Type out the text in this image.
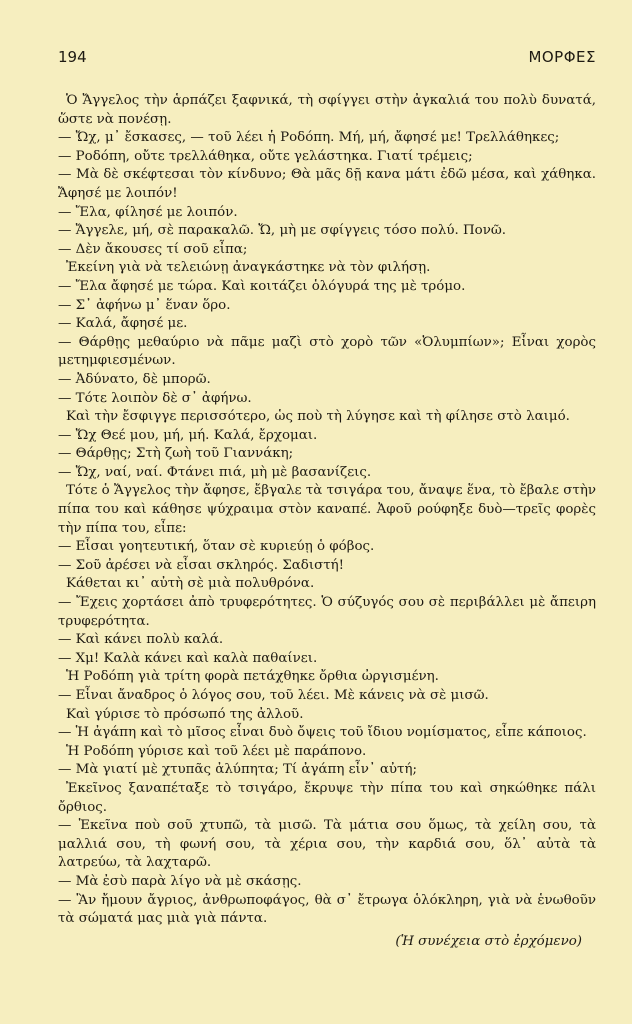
194	ΜΟΡΦΕΣ

Ὁ Ἄγγελος τὴν ἁρπάζει ξαφνικά, τὴ σφίγγει στὴν ἀγκαλιά του πολὺ δυνατά, ὥστε νὰ πονέσῃ.

— Ὤχ, μ᾽ ἔσκασες, — τοῦ λέει ἡ Ροδόπη. Μή, μή, ἄφησέ με! Τρελλάθηκες;

— Ροδόπη, οὔτε τρελλάθηκα, οὔτε γελάστηκα. Γιατί τρέμεις;

— Μὰ δὲ σκέφτεσαι τὸν κίνδυνο; Θὰ μᾶς δῇ κανα μάτι ἐδῶ μέσα, καὶ χάθηκα. Ἄφησέ με λοιπόν!

— Ἔλα, φίλησέ με λοιπόν.

— Ἄγγελε, μή, σὲ παρακαλῶ. Ὤ, μὴ με σφίγγεις τόσο πολύ. Πονῶ.

— Δὲν ἄκουσες τί σοῦ εἶπα;

Ἐκείνη γιὰ νὰ τελειώνῃ ἀναγκάστηκε νὰ τὸν φιλήσῃ.

— Ἔλα ἄφησέ με τώρα. Καὶ κοιτάζει ὁλόγυρά της μὲ τρόμο.

— Σ᾽ ἀφήνω μ᾽ ἕναν ὅρο.

— Καλά, ἄφησέ με.

— Θάρθῃς μεθαύριο νὰ πᾶμε μαζὶ στὸ χορὸ τῶν «Ὀλυμπίων»; Εἶναι χορὸς μετημφιεσμένων.

— Ἀδύνατο, δὲ μπορῶ.

— Τότε λοιπὸν δὲ σ᾽ ἀφήνω.

Καὶ τὴν ἔσφιγγε περισσότερο, ὡς ποὺ τὴ λύγησε καὶ τὴ φίλησε στὸ λαιμό.

— Ὤχ Θεέ μου, μή, μή. Καλά, ἔρχομαι.

— Θάρθῃς; Στὴ ζωὴ τοῦ Γιαννάκη;

— Ὤχ, ναί, ναί. Φτάνει πιά, μὴ μὲ βασανίζεις.

Τότε ὁ Ἄγγελος τὴν ἄφησε, ἔβγαλε τὰ τσιγάρα του, ἄναψε ἕνα, τὸ ἔβαλε στὴν πίπα του καὶ κάθησε ψύχραιμα στὸν καναπέ. Ἀφοῦ ρούφηξε δυὸ—τρεῖς φορὲς τὴν πίπα του, εἶπε:

— Εἶσαι γοητευτική, ὅταν σὲ κυριεύῃ ὁ φόβος.

— Σοῦ ἀρέσει νὰ εἶσαι σκληρός. Σαδιστή!

Κάθεται κι᾽ αὐτὴ σὲ μιὰ πολυθρόνα.

— Ἔχεις χορτάσει ἀπὸ τρυφερότητες. Ὁ σύζυγός σου σὲ περιβάλλει μὲ ἄπειρη τρυφερότητα.

— Καὶ κάνει πολὺ καλά.

— Χμ! Καλὰ κάνει καὶ καλὰ παθαίνει.

Ἡ Ροδόπη γιὰ τρίτη φορὰ πετάχθηκε ὄρθια ὠργισμένη.

— Εἶναι ἄναδρος ὁ λόγος σου, τοῦ λέει. Μὲ κάνεις νὰ σὲ μισῶ.

Καὶ γύρισε τὸ πρόσωπό της ἀλλοῦ.

— Ἡ ἀγάπη καὶ τὸ μῖσος εἶναι δυὸ ὄψεις τοῦ ἴδιου νομίσματος, εἶπε κάποιος.

Ἡ Ροδόπη γύρισε καὶ τοῦ λέει μὲ παράπονο.

— Μὰ γιατί μὲ χτυπᾶς ἀλύπητα; Τί ἀγάπη εἶν᾽ αὐτή;

Ἐκεῖνος ξαναπέταξε τὸ τσιγάρο, ἔκρυψε τὴν πίπα του καὶ σηκώθηκε πάλι ὄρθιος.

— Ἐκεῖνα ποὺ σοῦ χτυπῶ, τὰ μισῶ. Τὰ μάτια σου ὅμως, τὰ χείλη σου, τὰ μαλλιά σου, τὴ φωνή σου, τὰ χέρια σου, τὴν καρδιά σου, ὅλ᾽ αὐτὰ τὰ λατρεύω, τὰ λαχταρῶ.

— Μὰ ἐσὺ παρὰ λίγο νὰ μὲ σκάσῃς.

— Ἂν ἤμουν ἄγριος, ἀνθρωποφάγος, θὰ σ᾽ ἔτρωγα ὁλόκληρη, γιὰ νὰ ἑνωθοῦν τὰ σώματά μας μιὰ γιὰ πάντα.

(Ἡ συνέχεια στὸ ἐρχόμενο)
